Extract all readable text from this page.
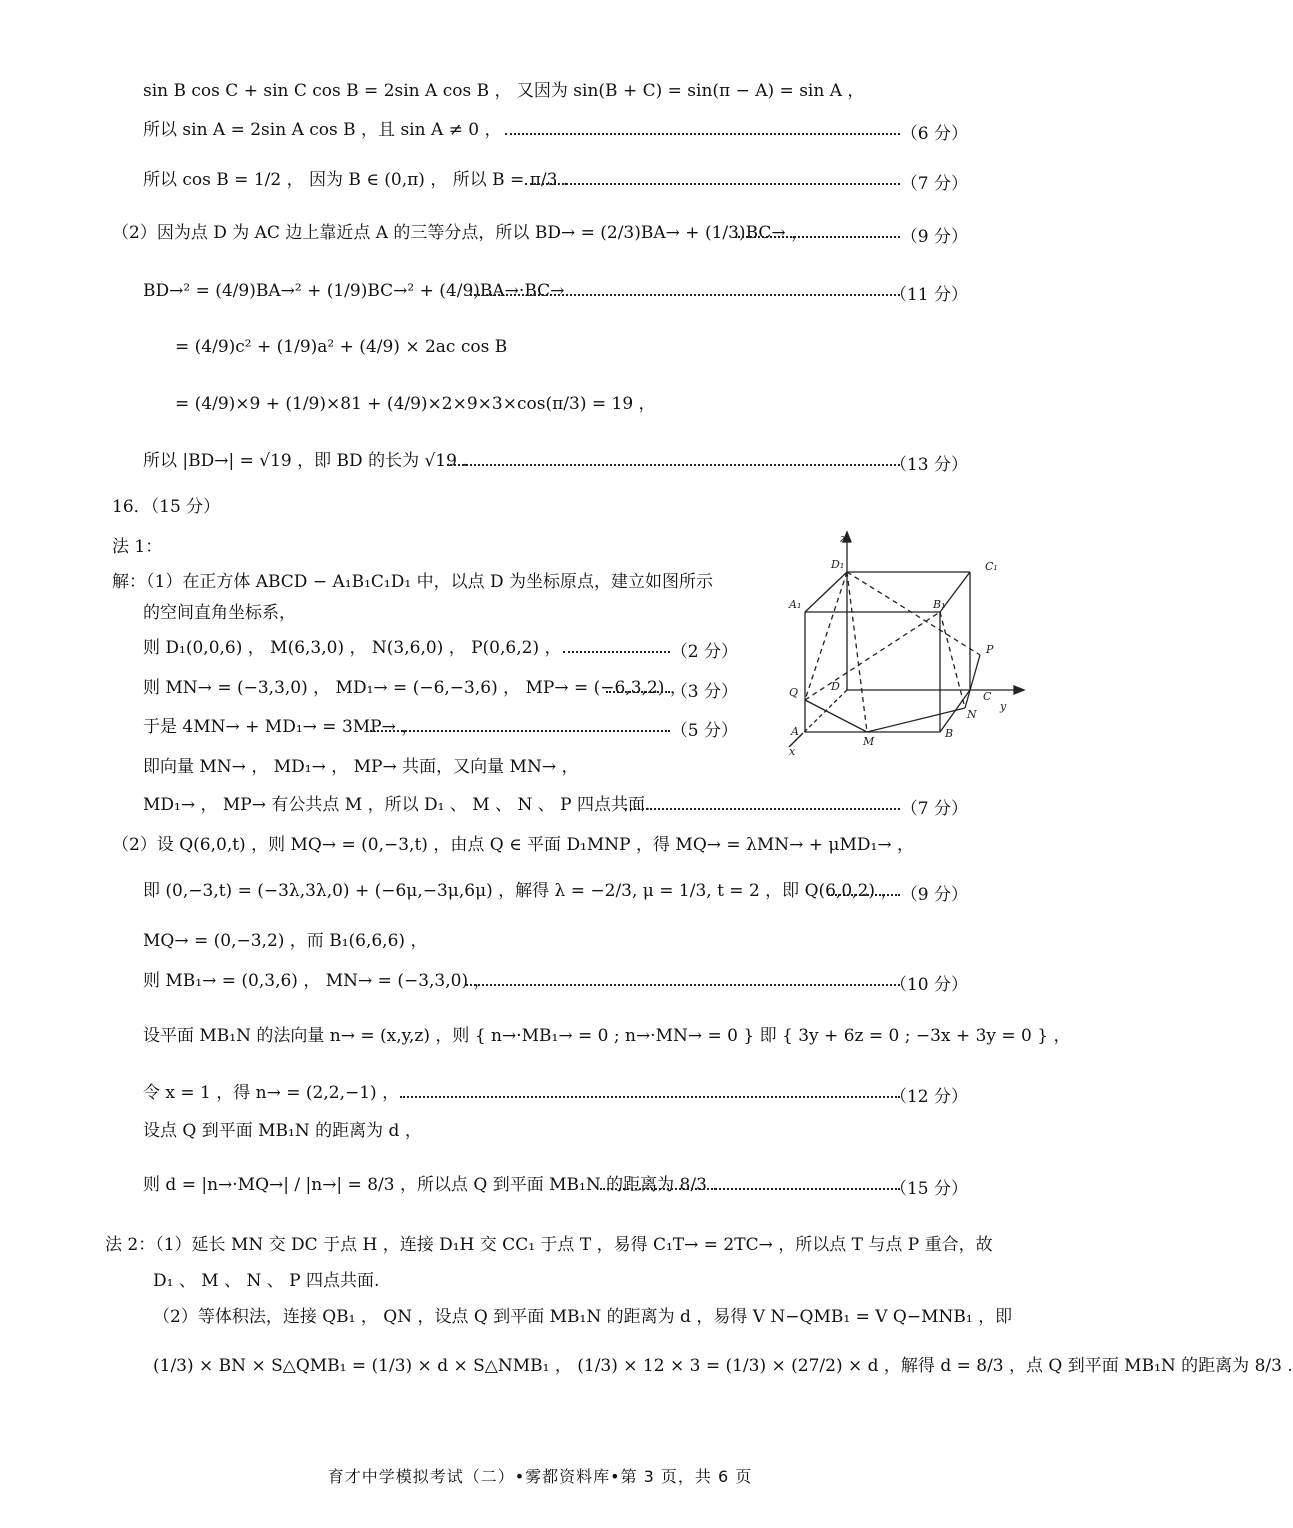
sin B cos C + sin C cos B = 2sin A cos B ， 又因为 sin(B + C) = sin(π − A) = sin A ，
所以 sin A = 2sin A cos B ，且 sin A ≠ 0 ，
所以 cos B = 1/2 ， 因为 B ∈ (0,π) ， 所以 B = π/3 .
（2）因为点 D 为 AC 边上靠近点 A 的三等分点，所以 BD→ = (2/3)BA→ + (1/3)BC→ ，
BD→² = (4/9)BA→² + (1/9)BC→² + (4/9)BA→·BC→
= (4/9)c² + (1/9)a² + (4/9) × 2ac cos B
= (4/9)×9 + (1/9)×81 + (4/9)×2×9×3×cos(π/3) = 19 ，
所以 |BD→| = √19 ，即 BD 的长为 √19 .
16．（15 分）
法 1：
解：（1）在正方体 ABCD − A₁B₁C₁D₁ 中，以点 D 为坐标原点，建立如图所示
的空间直角坐标系，
则 D₁(0,0,6) ， M(6,3,0) ， N(3,6,0) ， P(0,6,2) ，
则 MN→ = (−3,3,0) ， MD₁→ = (−6,−3,6) ， MP→ = (−6,3,2) ，
于是 4MN→ + MD₁→ = 3MP→ ，
即向量 MN→ ， MD₁→ ， MP→ 共面，又向量 MN→ ，
MD₁→ ， MP→ 有公共点 M ，所以 D₁ 、 M 、 N 、 P 四点共面.
（2）设 Q(6,0,t) ，则 MQ→ = (0,−3,t) ，由点 Q ∈ 平面 D₁MNP ，得 MQ→ = λMN→ + μMD₁→ ，
即 (0,−3,t) = (−3λ,3λ,0) + (−6μ,−3μ,6μ) ，解得 λ = −2/3, μ = 1/3, t = 2 ，即 Q(6,0,2) ，
MQ→ = (0,−3,2) ，而 B₁(6,6,6) ，
则 MB₁→ = (0,3,6) ， MN→ = (−3,3,0) ，
设平面 MB₁N 的法向量 n→ = (x,y,z) ，则 { n→·MB₁→ = 0 ; n→·MN→ = 0 } 即 { 3y + 6z = 0 ; −3x + 3y = 0 } ，
令 x = 1 ，得 n→ = (2,2,−1) ，
设点 Q 到平面 MB₁N 的距离为 d ，
则 d = |n→·MQ→| / |n→| = 8/3 ，所以点 Q 到平面 MB₁N 的距离为 8/3 .
法 2：（1）延长 MN 交 DC 于点 H ，连接 D₁H 交 CC₁ 于点 T ，易得 C₁T→ = 2TC→ ，所以点 T 与点 P 重合，故
D₁ 、 M 、 N 、 P 四点共面.
（2）等体积法，连接 QB₁ ， QN ，设点 Q 到平面 MB₁N 的距离为 d ，易得 V N−QMB₁ = V Q−MNB₁ ，即
(1/3) × BN × S△QMB₁ = (1/3) × d × S△NMB₁ ， (1/3) × 12 × 3 = (1/3) × (27/2) × d ，解得 d = 8/3 ，点 Q 到平面 MB₁N 的距离为 8/3 .
（6 分）
（7 分）
（9 分）
（11 分）
（13 分）
（2 分）
（3 分）
（5 分）
（7 分）
（9 分）
（10 分）
（12 分）
（15 分）
z
D₁	C₁
A₁	B₁
P
Q	D
C
y
N
A
M
B
x
育才中学模拟考试（二）•雾都资料库•第 3 页，共 6 页
